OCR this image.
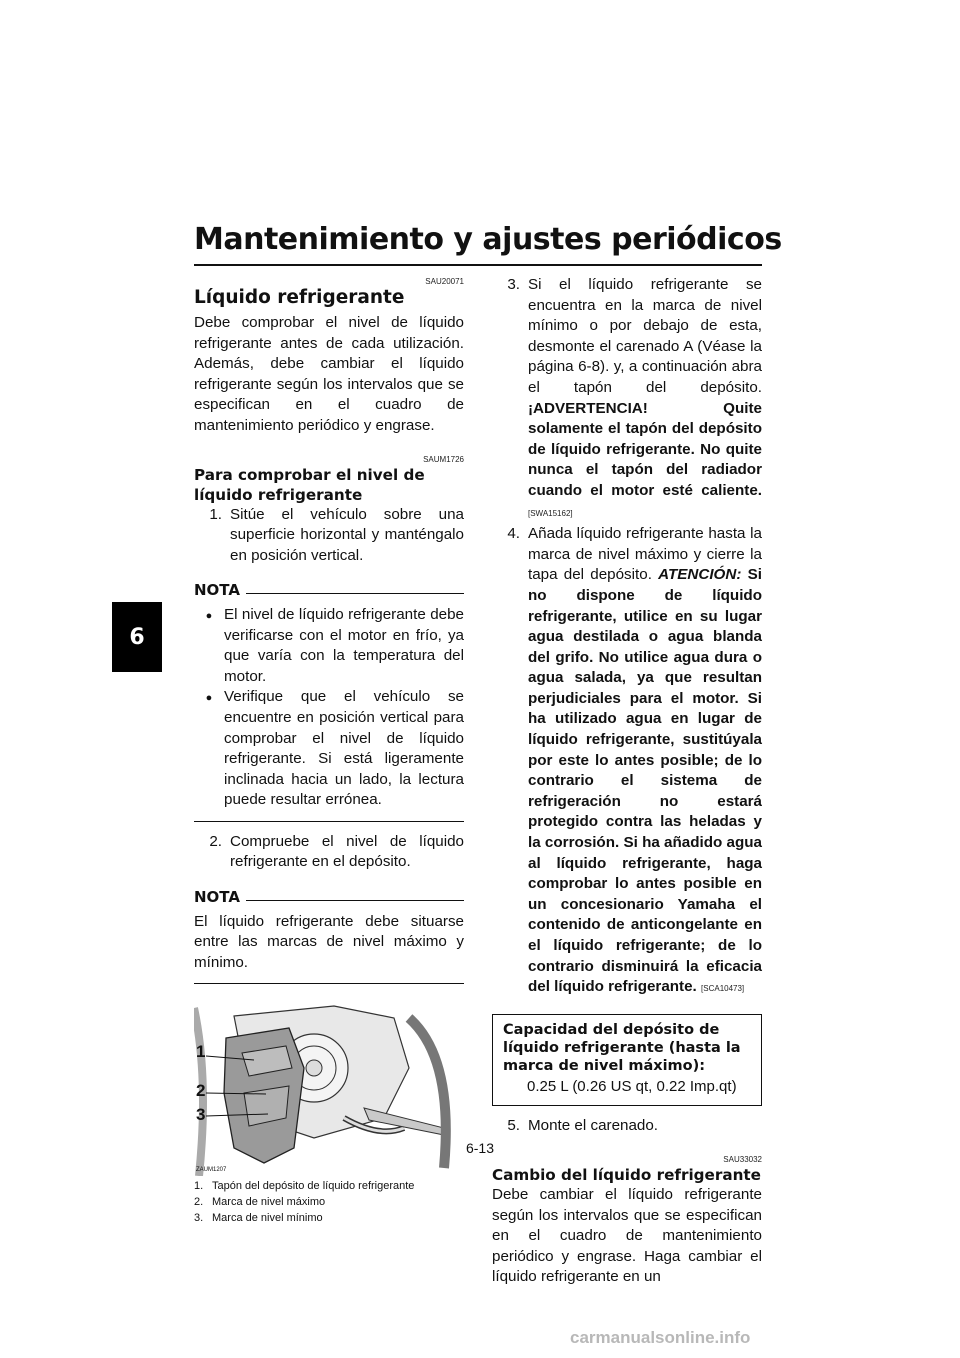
Mantenimiento y ajustes periódicos
6
SAU20071
Líquido refrigerante

Debe comprobar el nivel de líquido refrigerante antes de cada utilización. Además, debe cambiar el líquido refrigerante según los intervalos que se especifican en el cuadro de mantenimiento periódico y engrase.

SAUM1726
Para comprobar el nivel de líquido refrigerante
1. Sitúe el vehículo sobre una superficie horizontal y manténgalo en posición vertical.
NOTA
● El nivel de líquido refrigerante debe verificarse con el motor en frío, ya que varía con la temperatura del motor.
● Verifique que el vehículo se encuentre en posición vertical para comprobar el nivel de líquido refrigerante. Si está ligeramente inclinada hacia un lado, la lectura puede resultar errónea.
2. Compruebe el nivel de líquido refrigerante en el depósito.
NOTA

El líquido refrigerante debe situarse entre las marcas de nivel máximo y mínimo.

1
2
3
ZAUM1207
1. Tapón del depósito de líquido refrigerante
2. Marca de nivel máximo
3. Marca de nivel mínimo
3. Si el líquido refrigerante se encuentra en la marca de nivel mínimo o por debajo de esta, desmonte el carenado A (Véase la página 6-8). y, a continuación abra el tapón del depósito. ¡ADVERTENCIA! Quite solamente el tapón del depósito de líquido refrigerante. No quite nunca el tapón del radiador cuando el motor esté caliente. [SWA15162]
4. Añada líquido refrigerante hasta la marca de nivel máximo y cierre la tapa del depósito. ATENCIÓN: Si no dispone de líquido refrigerante, utilice en su lugar agua destilada o agua blanda del grifo. No utilice agua dura o agua salada, ya que resultan perjudiciales para el motor. Si ha utilizado agua en lugar de líquido refrigerante, sustitúyala por este lo antes posible; de lo contrario el sistema de refrigeración no estará protegido contra las heladas y la corrosión. Si ha añadido agua al líquido refrigerante, haga comprobar lo antes posible en un concesionario Yamaha el contenido de anticongelante en el líquido refrigerante; de lo contrario disminuirá la eficacia del líquido refrigerante. [SCA10473]
Capacidad del depósito de líquido refrigerante (hasta la marca de nivel máximo):
0.25 L (0.26 US qt, 0.22 Imp.qt)
5. Monte el carenado.
SAU33032
Cambio del líquido refrigerante

Debe cambiar el líquido refrigerante según los intervalos que se especifican en el cuadro de mantenimiento periódico y engrase. Haga cambiar el líquido refrigerante en un

6-13
carmanualsonline.info
